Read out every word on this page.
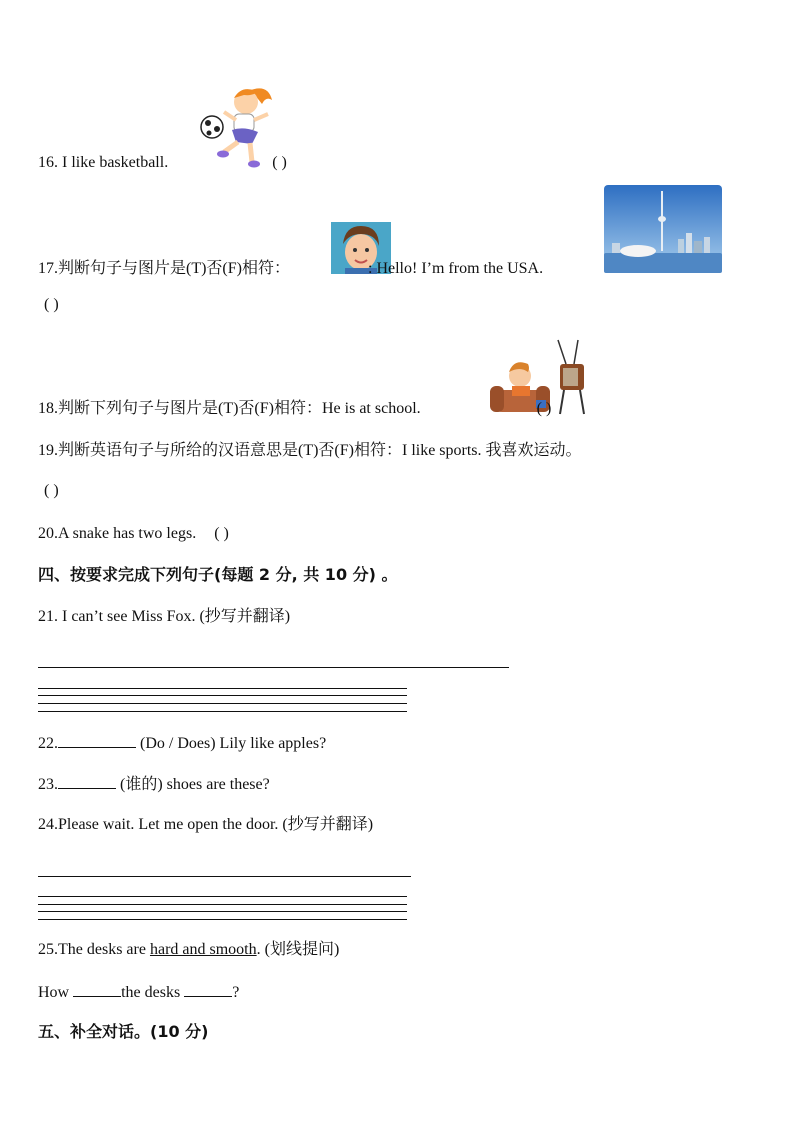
16. I like basketball.	( )
17.判断句子与图片是(T)否(F)相符：	: Hello! I’m from the USA.
( )
18.判断下列句子与图片是(T)否(F)相符：He is at school.	( )
19.判断英语句子与所给的汉语意思是(T)否(F)相符：I like sports. 我喜欢运动。
( )
20.A snake has two legs. ( )
四、按要求完成下列句子(每题 2 分, 共 10 分) 。
21. I can’t see Miss Fox. (抄写并翻译)
22.	(Do / Does) Lily like apples?
23.	(谁的) shoes are these?
24.Please wait. Let me open the door. (抄写并翻译)
25.The desks are hard and smooth. (划线提问)
How	the desks	?
五、补全对话。(10 分)
